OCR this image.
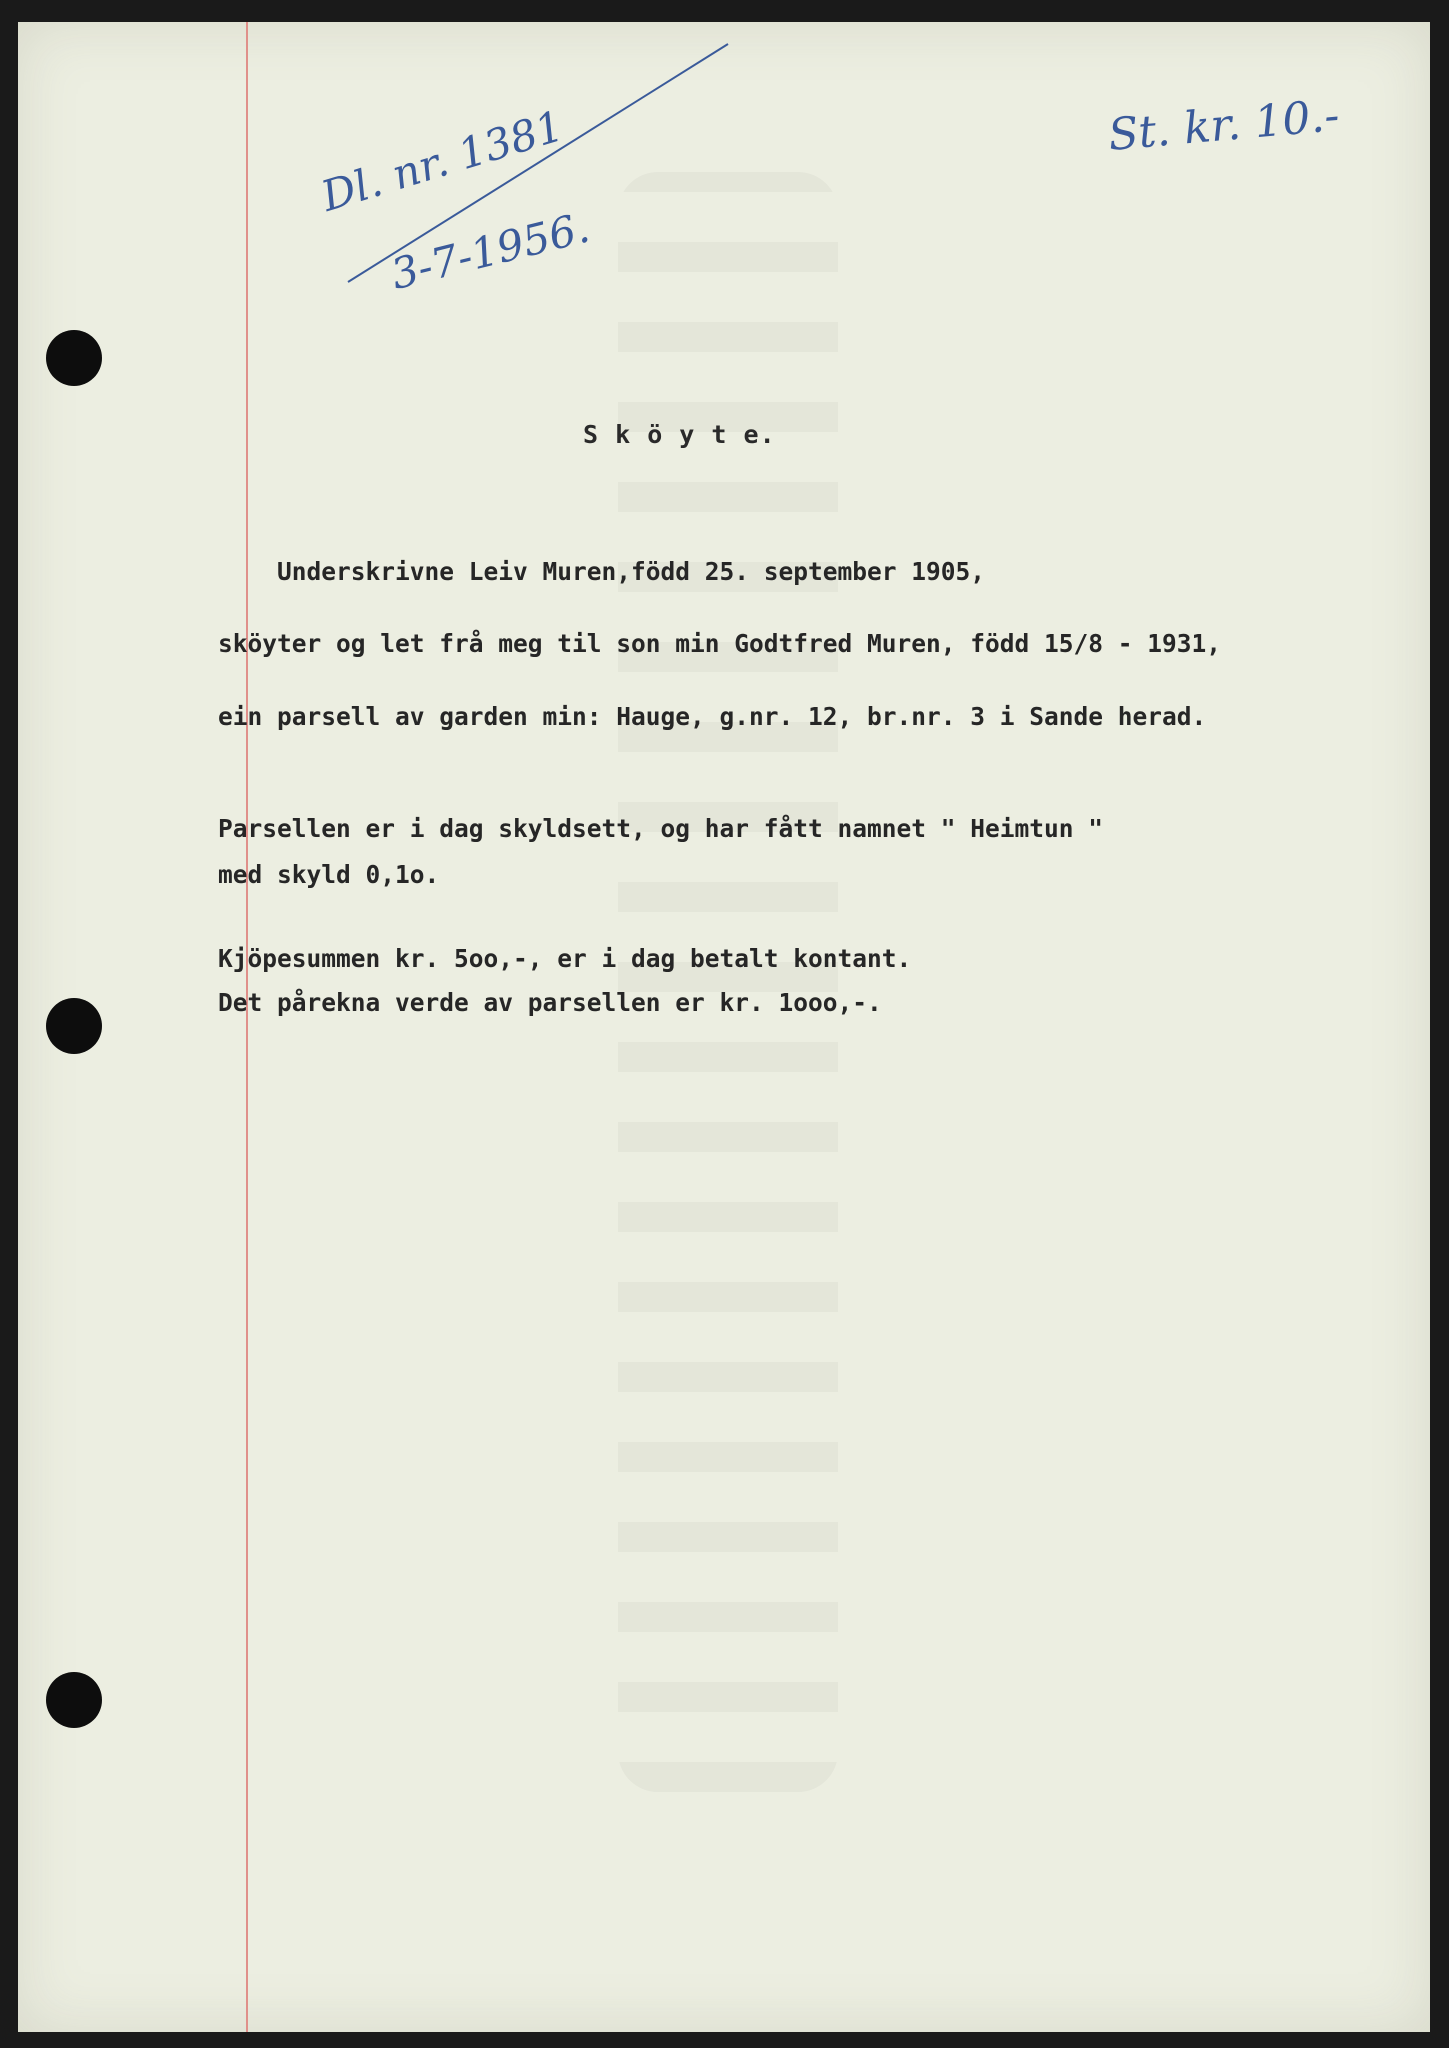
Dl. nr. 1381
3-7-1956.
St. kr. 10.-
S k ö y t e.
Underskrivne Leiv Muren,född 25. september 1905,
sköyter og let frå meg til son min Godtfred Muren, född 15/8 - 1931,
ein parsell av garden min: Hauge, g.nr. 12, br.nr. 3 i Sande herad.
Parsellen er i dag skyldsett, og har fått namnet " Heimtun "
med skyld 0,1o.
Kjöpesummen kr. 5oo,-, er i dag betalt kontant.
Det pårekna verde av parsellen er kr. 1ooo,-.
